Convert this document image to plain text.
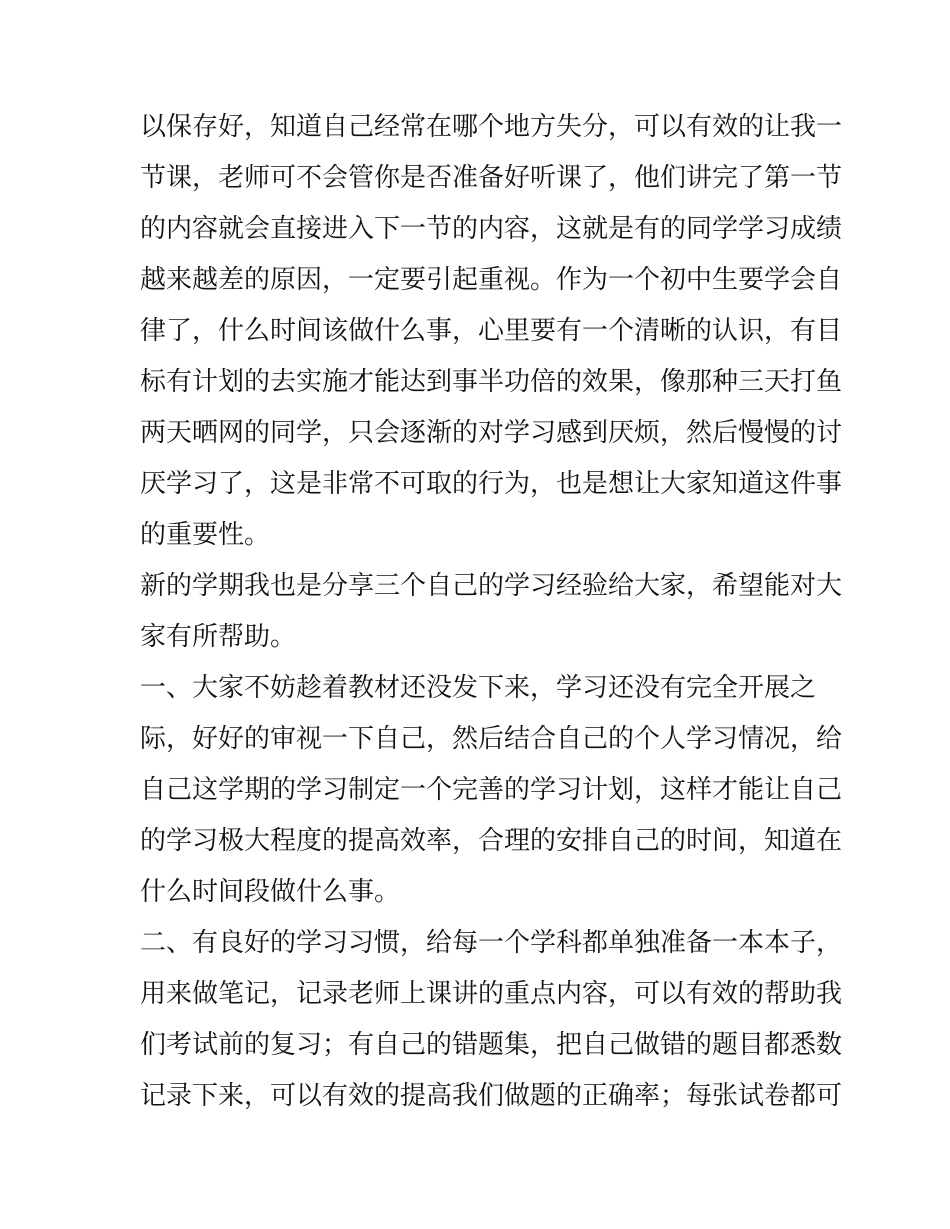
以保存好，知道自己经常在哪个地方失分，可以有效的让我一
节课，老师可不会管你是否准备好听课了，他们讲完了第一节
的内容就会直接进入下一节的内容，这就是有的同学学习成绩
越来越差的原因，一定要引起重视。作为一个初中生要学会自
律了，什么时间该做什么事，心里要有一个清晰的认识，有目
标有计划的去实施才能达到事半功倍的效果，像那种三天打鱼
两天晒网的同学，只会逐渐的对学习感到厌烦，然后慢慢的讨
厌学习了，这是非常不可取的行为，也是想让大家知道这件事
的重要性。
新的学期我也是分享三个自己的学习经验给大家，希望能对大
家有所帮助。
一、大家不妨趁着教材还没发下来，学习还没有完全开展之
际，好好的审视一下自己，然后结合自己的个人学习情况，给
自己这学期的学习制定一个完善的学习计划，这样才能让自己
的学习极大程度的提高效率，合理的安排自己的时间，知道在
什么时间段做什么事。
二、有良好的学习习惯，给每一个学科都单独准备一本本子，
用来做笔记，记录老师上课讲的重点内容，可以有效的帮助我
们考试前的复习；有自己的错题集，把自己做错的题目都悉数
记录下来，可以有效的提高我们做题的正确率；每张试卷都可
